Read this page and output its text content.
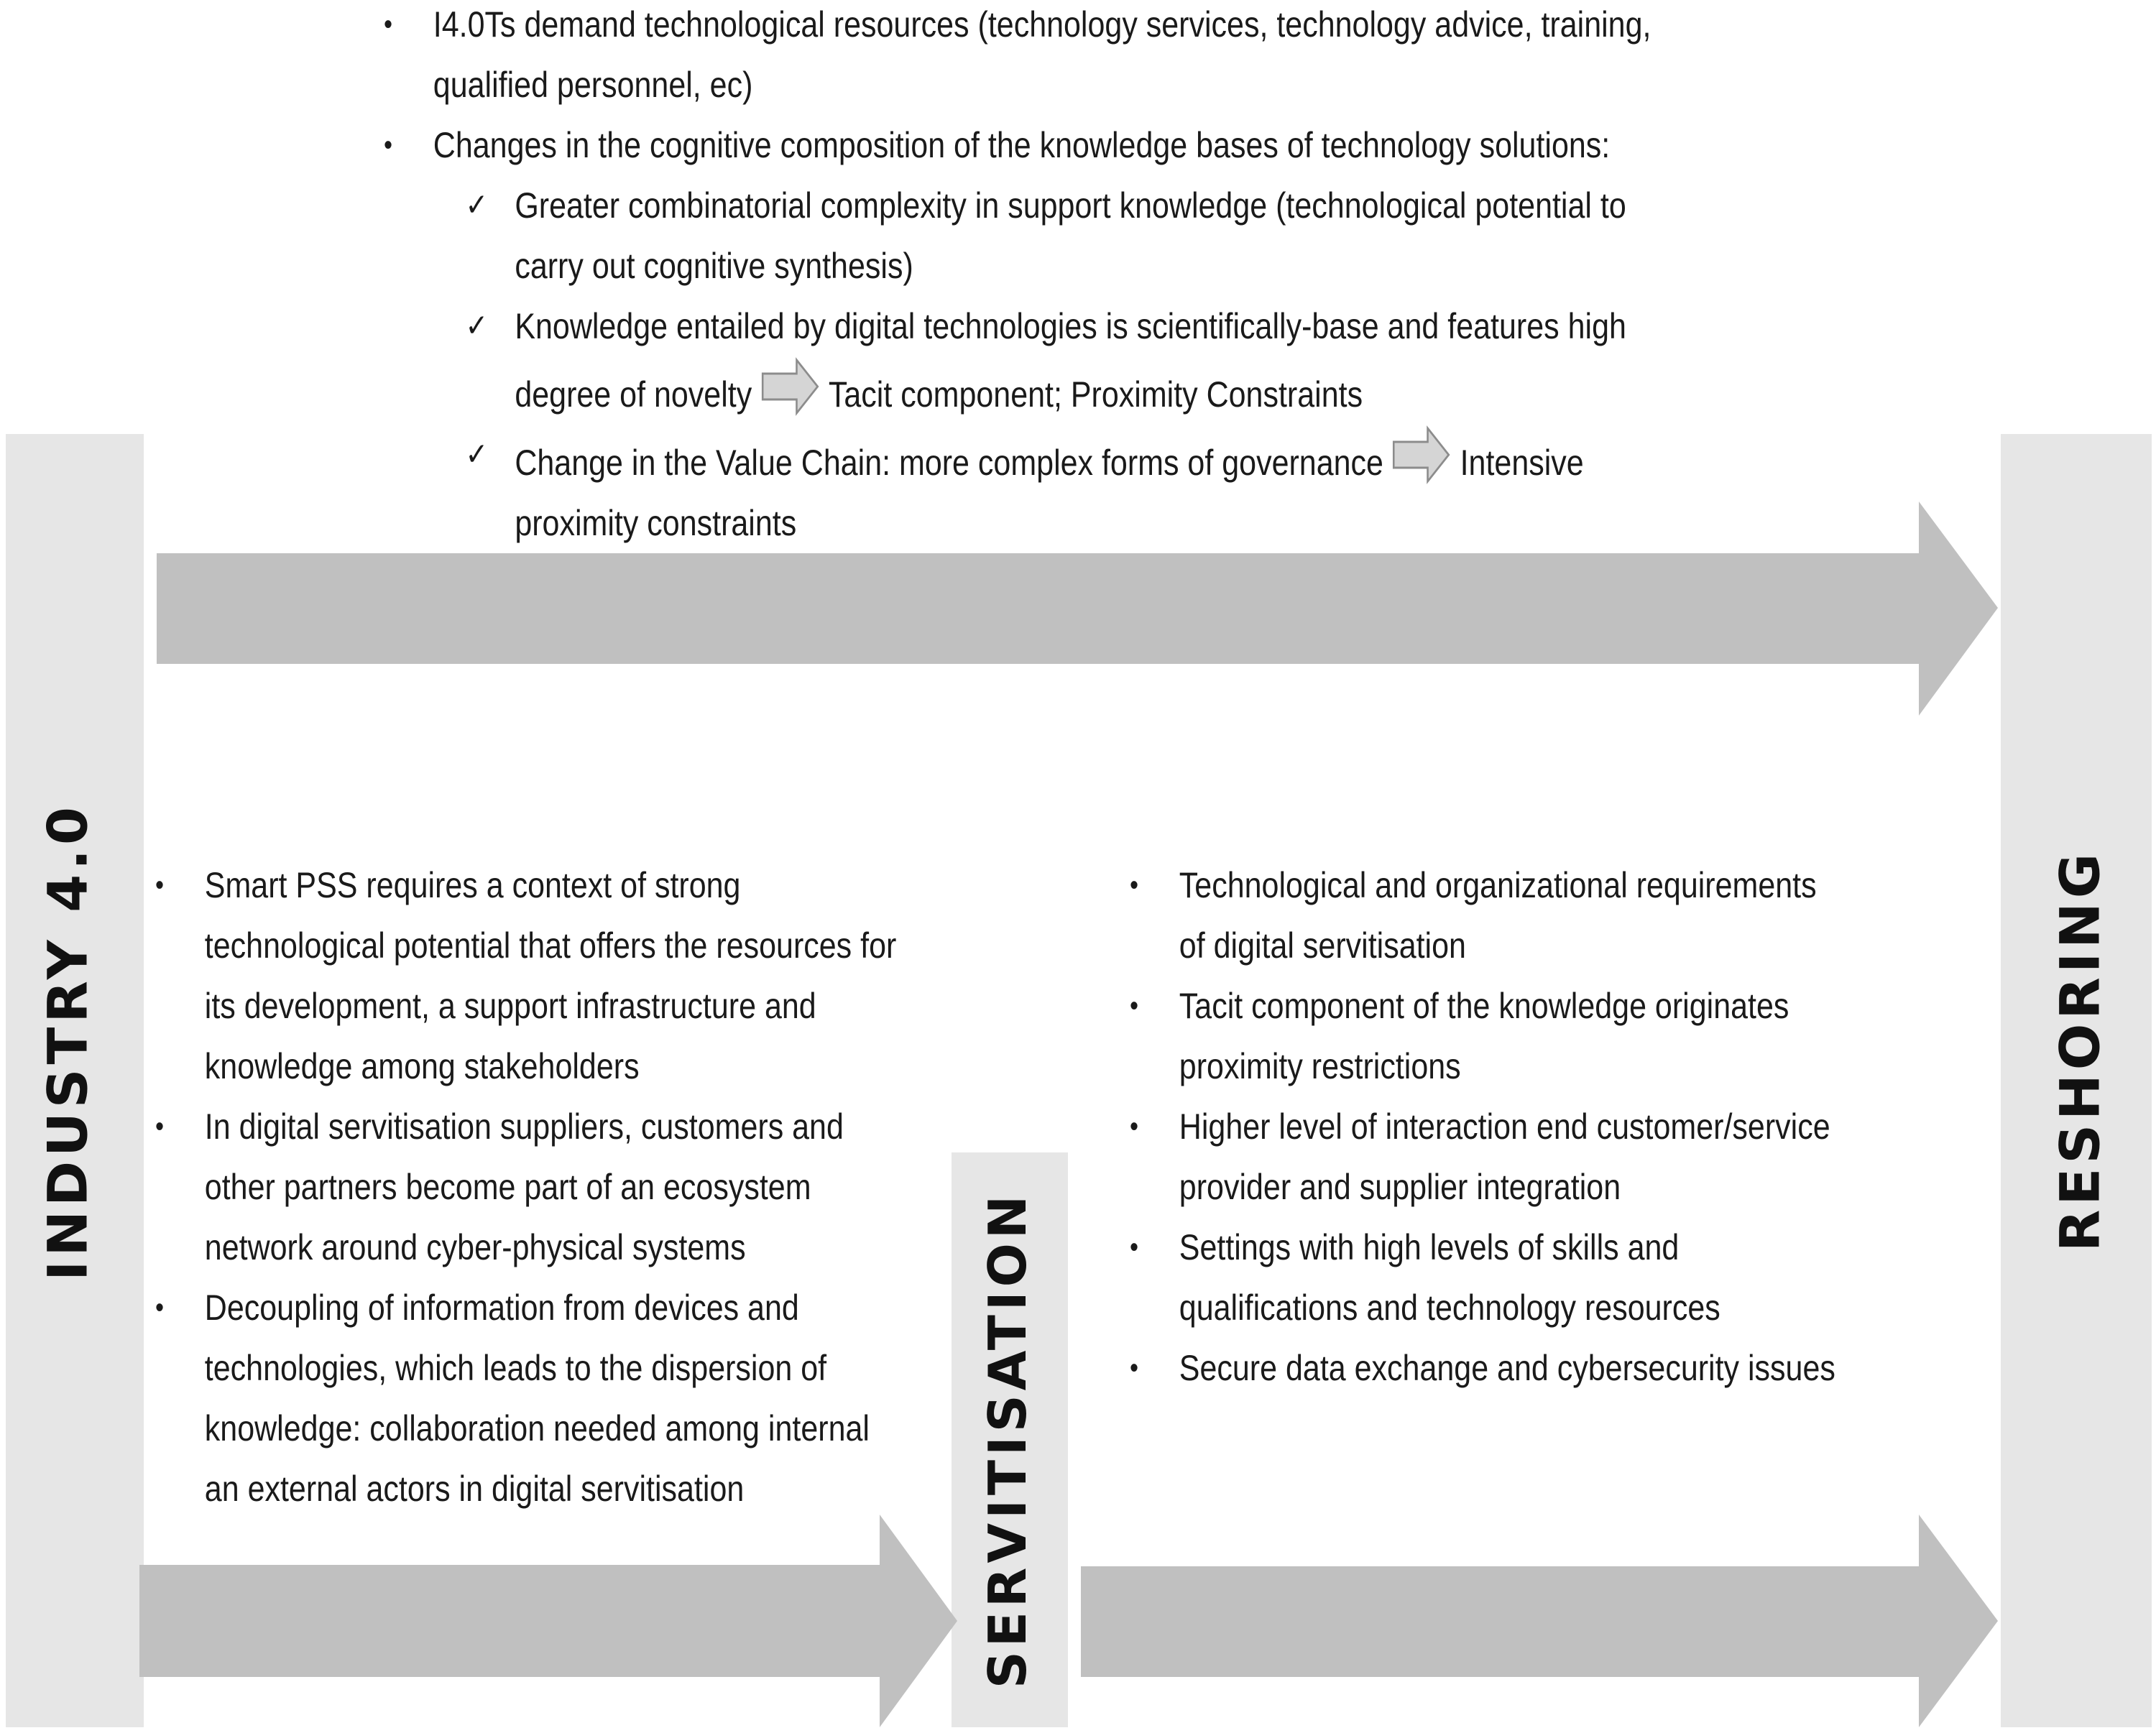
INDUSTRY 4.0
SERVITISATION
RESHORING
• I4.0Ts demand technological resources (technology services, technology advice, training, qualified personnel, ec)
• Changes in the cognitive composition of the knowledge bases of technology solutions:
✓ Greater combinatorial complexity in support knowledge (technological potential to carry out cognitive synthesis)
✓ Knowledge entailed by digital technologies is scientifically-base and features high degree of novelty Tacit component; Proximity Constraints
✓ Change in the Value Chain: more complex forms of governance Intensive proximity constraints
• Smart PSS requires a context of strong technological potential that offers the resources for its development, a support infrastructure and knowledge among stakeholders
• In digital servitisation suppliers, customers and other partners become part of an ecosystem network around cyber-physical systems
• Decoupling of information from devices and technologies, which leads to the dispersion of knowledge: collaboration needed among internal an external actors in digital servitisation
• Technological and organizational requirements of digital servitisation
• Tacit component of the knowledge originates proximity restrictions
• Higher level of interaction end customer/service provider and supplier integration
• Settings with high levels of skills and qualifications and technology resources
• Secure data exchange and cybersecurity issues
